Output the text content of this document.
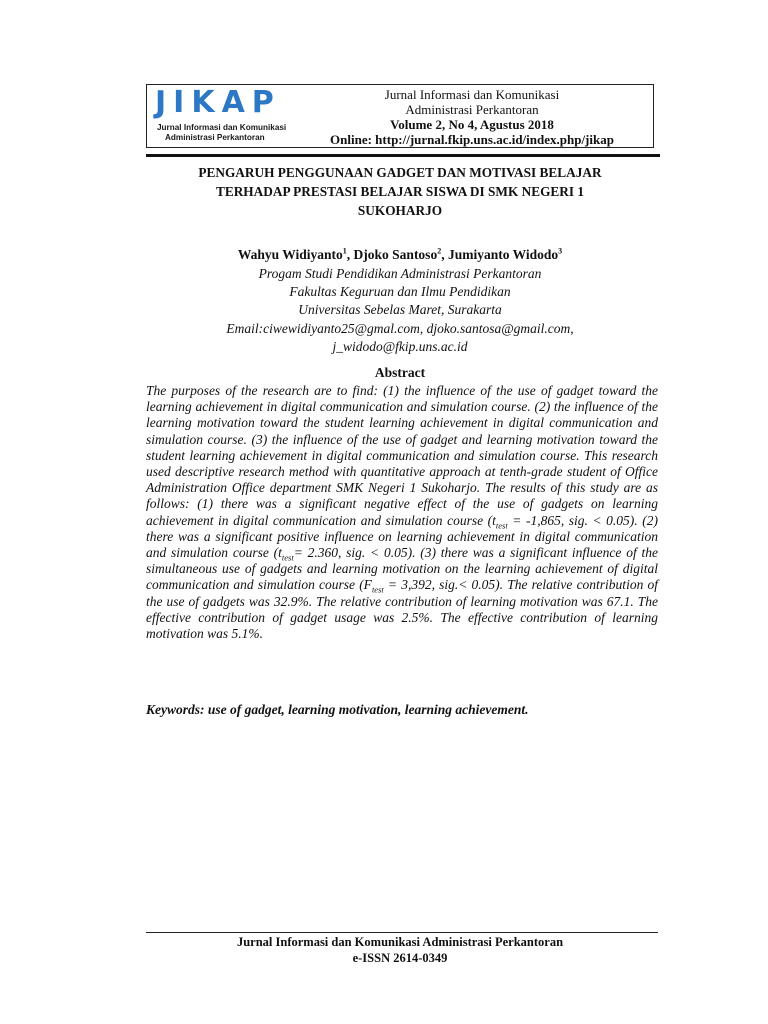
JIKAP
Jurnal Informasi dan Komunikasi
Administrasi Perkantoran
Jurnal Informasi dan Komunikasi
Administrasi Perkantoran
Volume 2, No 4, Agustus 2018
Online: http://jurnal.fkip.uns.ac.id/index.php/jikap
PENGARUH PENGGUNAAN GADGET DAN MOTIVASI BELAJAR
TERHADAP PRESTASI BELAJAR SISWA DI SMK NEGERI 1
SUKOHARJO
Wahyu Widiyanto$^1$, Djoko Santoso$^2$, Jumiyanto Widodo$^3$
Progam Studi Pendidikan Administrasi Perkantoran
Fakultas Keguruan dan Ilmu Pendidikan
Universitas Sebelas Maret, Surakarta
Email:ciwewidiyanto25@gmal.com, djoko.santosa@gmail.com,
j_widodo@fkip.uns.ac.id
Abstract

The purposes of the research are to find: (1) the influence of the use of gadget toward the learning achievement in digital communication and simulation course. (2) the influence of the learning motivation toward the student learning achievement in digital communication and simulation course. (3) the influence of the use of gadget and learning motivation toward the student learning achievement in digital communication and simulation course. This research used descriptive research method with quantitative approach at tenth-grade student of Office Administration Office department SMK Negeri 1 Sukoharjo. The results of this study are as follows: (1) there was a significant negative effect of the use of gadgets on learning achievement in digital communication and simulation course ($t_{test} = -1,865$, sig. < 0.05). (2) there was a significant positive influence on learning achievement in digital communication and simulation course ($t_{test}= 2.360$, sig. < 0.05). (3) there was a significant influence of the simultaneous use of gadgets and learning motivation on the learning achievement of digital communication and simulation course ($F_{test} = 3,392$, sig.< 0.05). The relative contribution of the use of gadgets was 32.9%. The relative contribution of learning motivation was 67.1. The effective contribution of gadget usage was 2.5%. The effective contribution of learning motivation was 5.1%.

Keywords: use of gadget, learning motivation, learning achievement.
Jurnal Informasi dan Komunikasi Administrasi Perkantoran
e-ISSN 2614-0349
